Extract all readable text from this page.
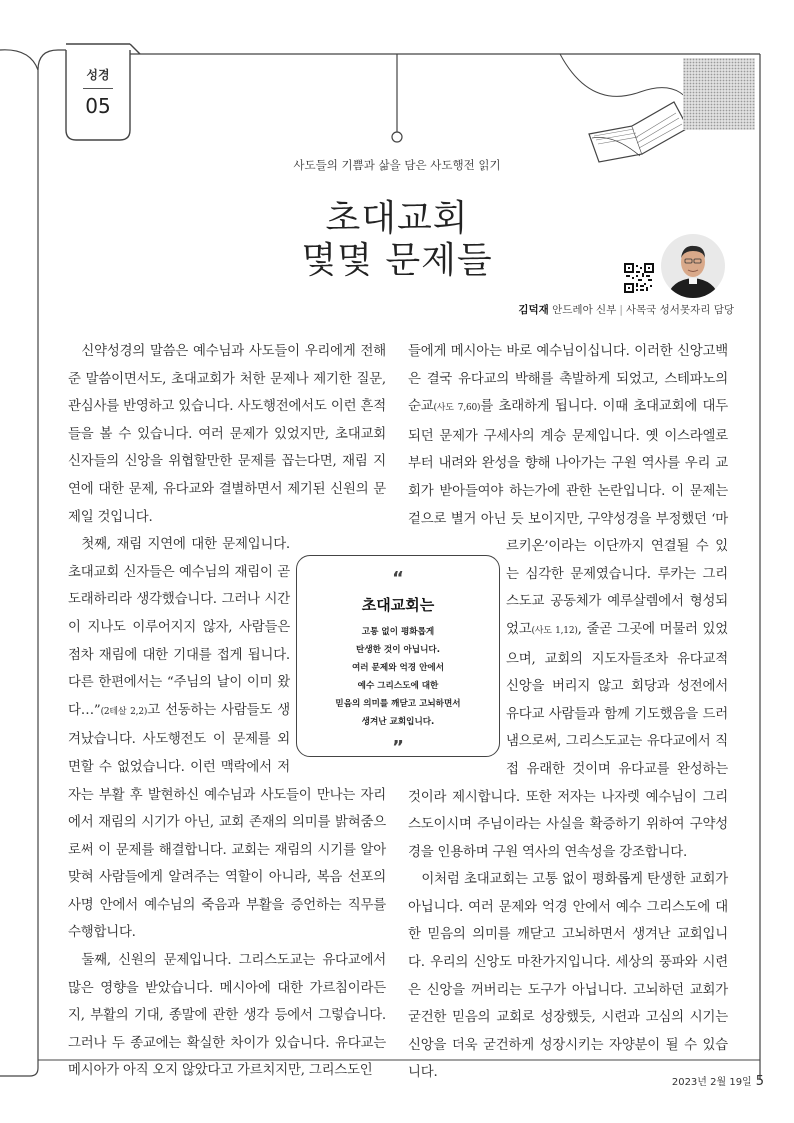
성경
05
사도들의 기쁨과 삶을 담은 사도행전 읽기
초대교회
몇몇 문제들
김덕재 안드레아 신부 | 사목국 성서못자리 담당

신약성경의 말씀은 예수님과 사도들이 우리에게 전해준 말씀이면서도, 초대교회가 처한 문제나 제기한 질문, 관심사를 반영하고 있습니다. 사도행전에서도 이런 흔적들을 볼 수 있습니다. 여러 문제가 있었지만, 초대교회 신자들의 신앙을 위협할만한 문제를 꼽는다면, 재림 지연에 대한 문제, 유다교와 결별하면서 제기된 신원의 문제일 것입니다.

첫째, 재림 지연에 대한 문제입니다. 초대교회 신자들은 예수님의 재림이 곧 도래하리라 생각했습니다. 그러나 시간이 지나도 이루어지지 않자, 사람들은 점차 재림에 대한 기대를 접게 됩니다. 다른 한편에서는 “주님의 날이 이미 왔다…”(2테살 2,2)고 선동하는 사람들도 생겨났습니다. 사도행전도 이 문제를 외면할 수 없었습니다. 이런 맥락에서 저자는 부활 후 발현하신 예수님과 사도들이 만나는 자리에서 재림의 시기가 아닌, 교회 존재의 의미를 밝혀줌으로써 이 문제를 해결합니다. 교회는 재림의 시기를 알아맞혀 사람들에게 알려주는 역할이 아니라, 복음 선포의 사명 안에서 예수님의 죽음과 부활을 증언하는 직무를 수행합니다.

둘째, 신원의 문제입니다. 그리스도교는 유다교에서 많은 영향을 받았습니다. 메시아에 대한 가르침이라든지, 부활의 기대, 종말에 관한 생각 등에서 그렇습니다. 그러나 두 종교에는 확실한 차이가 있습니다. 유다교는 메시아가 아직 오지 않았다고 가르치지만, 그리스도인

“
초대교회는
고통 없이 평화롭게
탄생한 것이 아닙니다.
여러 문제와 억경 안에서
예수 그리스도에 대한
믿음의 의미를 깨닫고 고뇌하면서
생겨난 교회입니다.
”

들에게 메시아는 바로 예수님이십니다. 이러한 신앙고백은 결국 유다교의 박해를 촉발하게 되었고, 스테파노의 순교(사도 7,60)를 초래하게 됩니다. 이때 초대교회에 대두되던 문제가 구세사의 계승 문제입니다. 옛 이스라엘로부터 내려와 완성을 향해 나아가는 구원 역사를 우리 교회가 받아들여야 하는가에 관한 논란입니다. 이 문제는 겉으로 별거 아닌 듯 보이지만, 구약성경을 부정했던 ‘마르키온’이라는 이단까지 연결될 수 있는 심각한 문제였습니다. 루카는 그리스도교 공동체가 예루살렘에서 형성되었고(사도 1,12), 줄곧 그곳에 머물러 있었으며, 교회의 지도자들조차 유다교적 신앙을 버리지 않고 회당과 성전에서 유다교 사람들과 함께 기도했음을 드러냄으로써, 그리스도교는 유다교에서 직접 유래한 것이며 유다교를 완성하는 것이라 제시합니다. 또한 저자는 나자렛 예수님이 그리스도이시며 주님이라는 사실을 확증하기 위하여 구약성경을 인용하며 구원 역사의 연속성을 강조합니다.

이처럼 초대교회는 고통 없이 평화롭게 탄생한 교회가 아닙니다. 여러 문제와 억경 안에서 예수 그리스도에 대한 믿음의 의미를 깨닫고 고뇌하면서 생겨난 교회입니다. 우리의 신앙도 마찬가지입니다. 세상의 풍파와 시련은 신앙을 꺼버리는 도구가 아닙니다. 고뇌하던 교회가 굳건한 믿음의 교회로 성장했듯, 시련과 고심의 시기는 신앙을 더욱 굳건하게 성장시키는 자양분이 될 수 있습니다.

2023년 2월 19일 5
